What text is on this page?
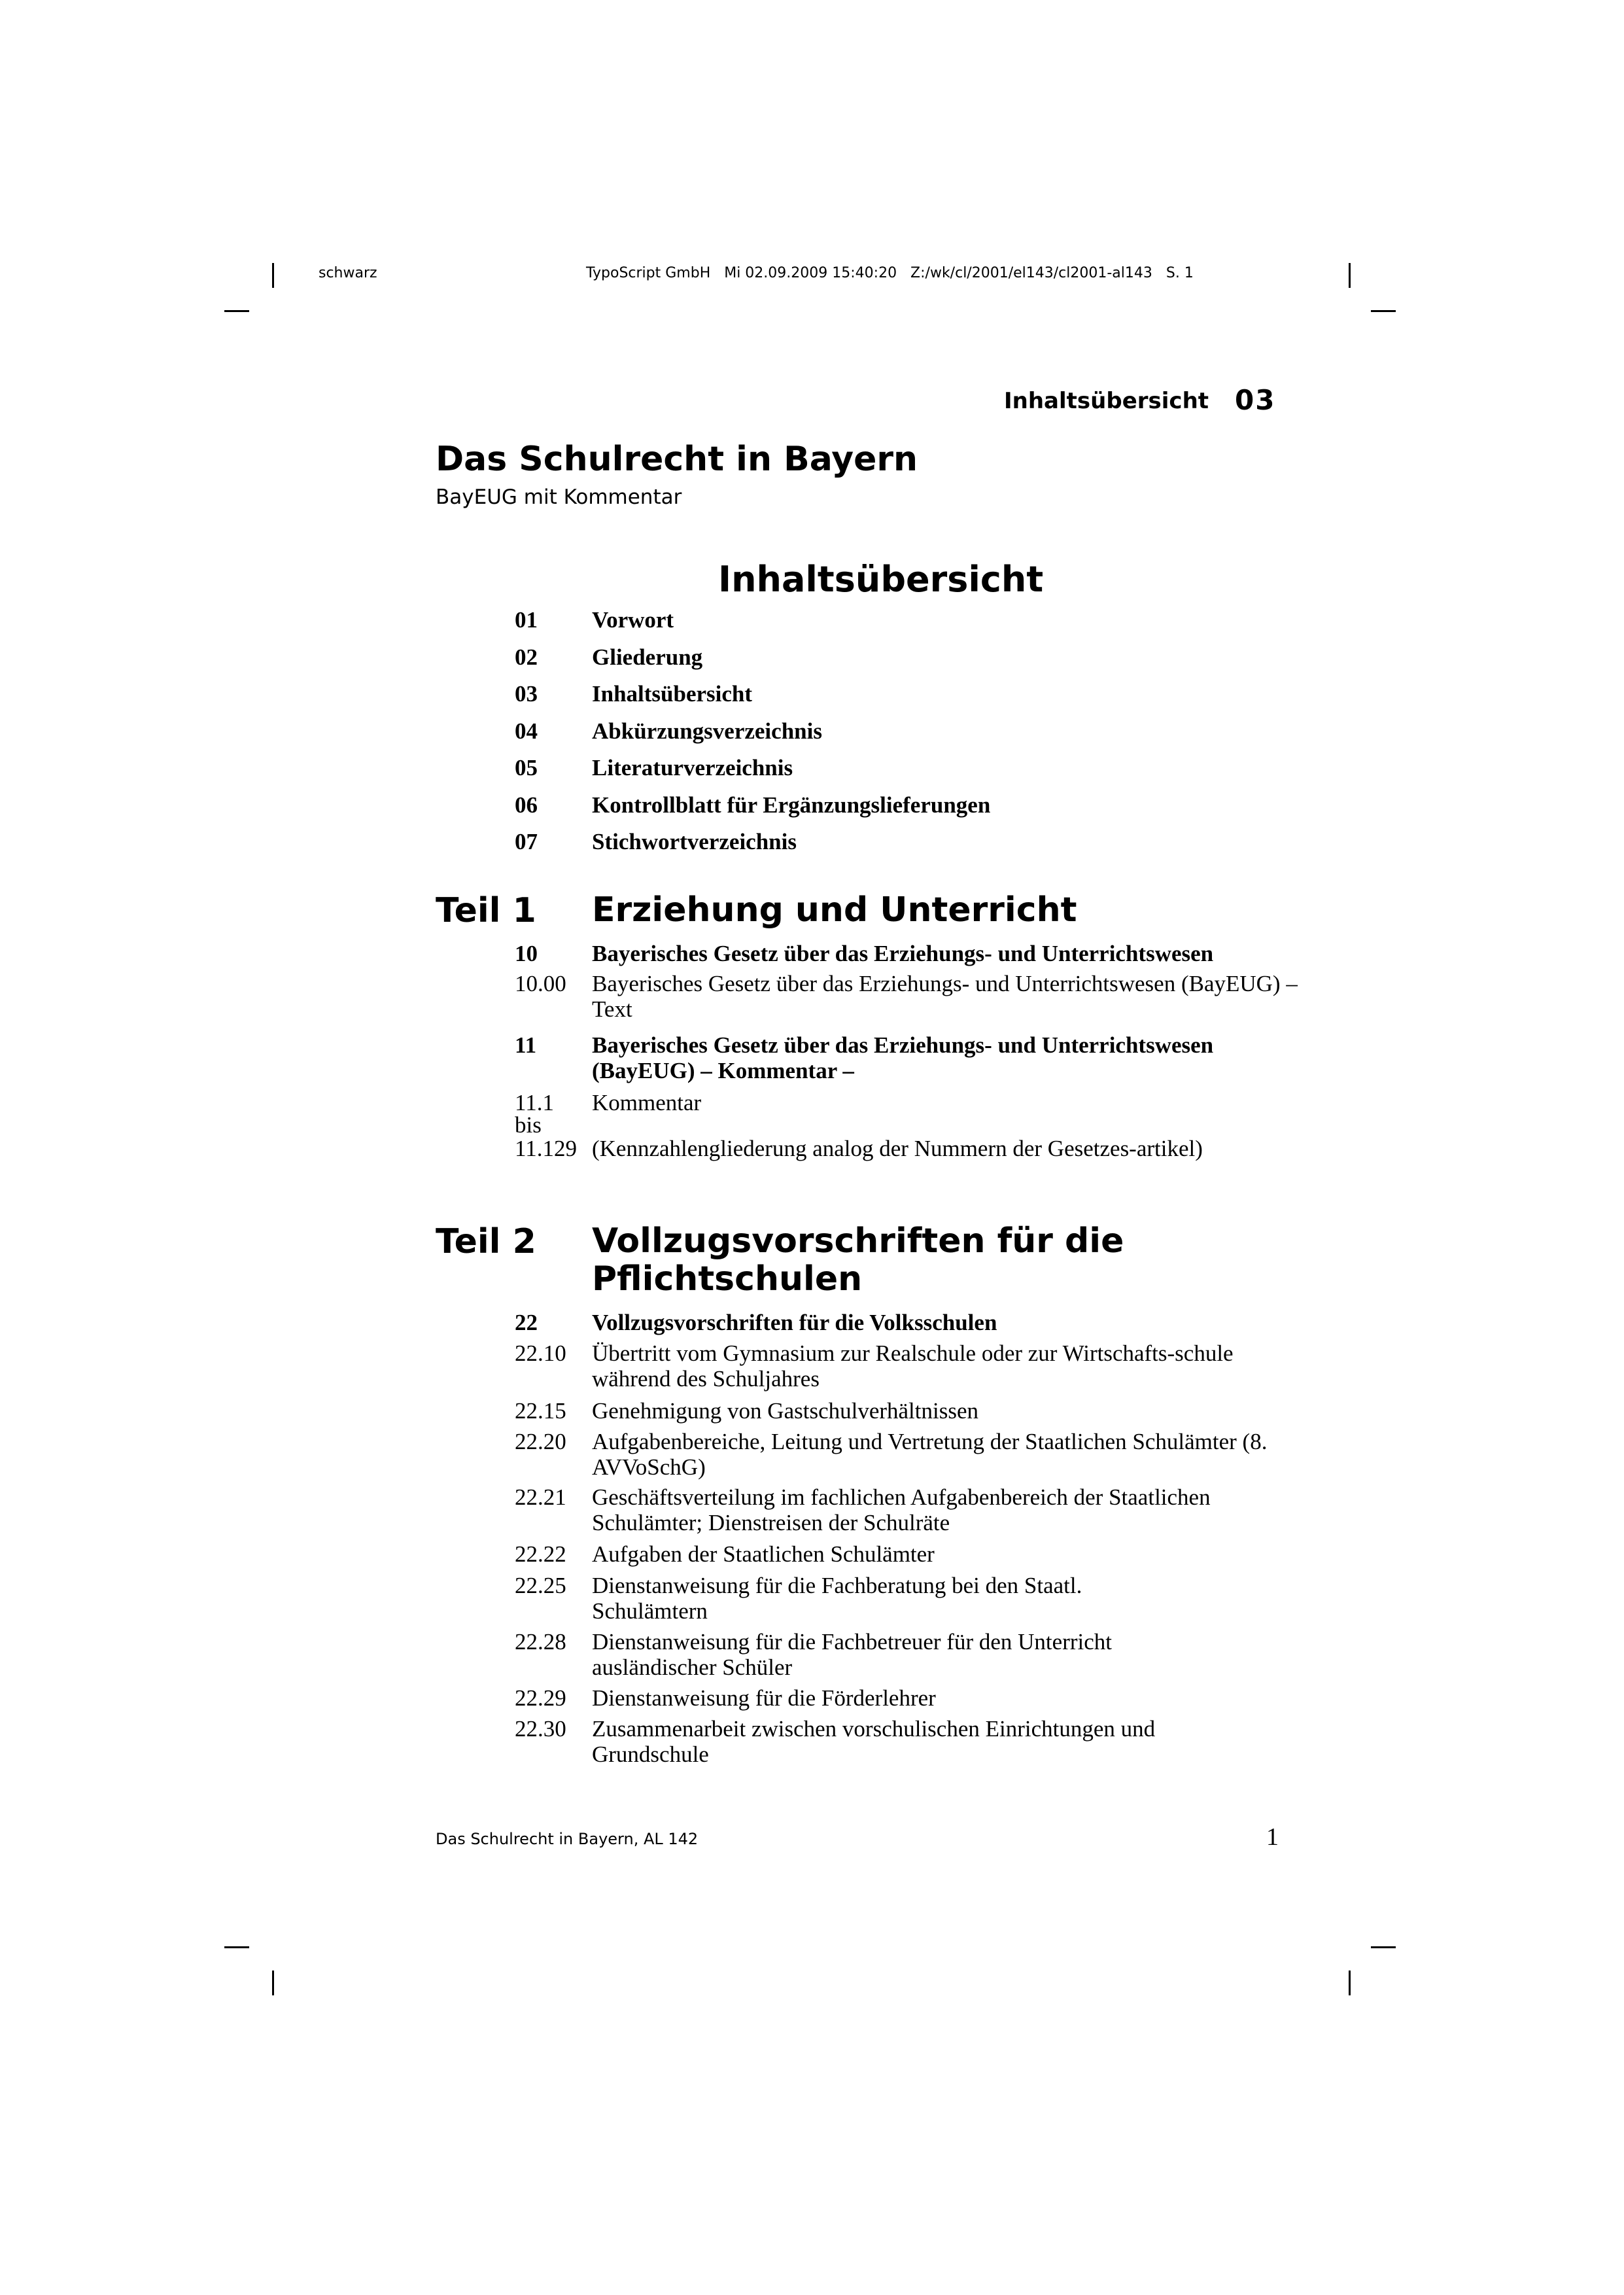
schwarz	TypoScript GmbH   Mi 02.09.2009 15:40:20   Z:/wk/cl/2001/el143/cl2001-al143   S. 1
Inhaltsübersicht 03
Das Schulrecht in Bayern
BayEUG mit Kommentar
Inhaltsübersicht
01	Vorwort
02	Gliederung
03	Inhaltsübersicht
04	Abkürzungsverzeichnis
05	Literaturverzeichnis
06	Kontrollblatt für Ergänzungslieferungen
07	Stichwortverzeichnis
Teil 1 Erziehung und Unterricht
10	Bayerisches Gesetz über das Erziehungs- und Unterrichtswesen
10.00	Bayerisches Gesetz über das Erziehungs- und Unterrichtswesen (BayEUG) – Text
11	Bayerisches Gesetz über das Erziehungs- und Unterrichtswesen (BayEUG) – Kommentar –
11.1	Kommentar
bis
11.129 (Kennzahlengliederung analog der Nummern der Gesetzes-artikel)
Teil 2 Vollzugsvorschriften für die Pflichtschulen
22	Vollzugsvorschriften für die Volksschulen
22.10	Übertritt vom Gymnasium zur Realschule oder zur Wirtschafts-schule während des Schuljahres
22.15	Genehmigung von Gastschulverhältnissen
22.20	Aufgabenbereiche, Leitung und Vertretung der Staatlichen Schulämter (8. AVVoSchG)
22.21	Geschäftsverteilung im fachlichen Aufgabenbereich der Staatlichen Schulämter; Dienstreisen der Schulräte
22.22	Aufgaben der Staatlichen Schulämter
22.25	Dienstanweisung für die Fachberatung bei den Staatl. Schulämtern
22.28	Dienstanweisung für die Fachbetreuer für den Unterricht ausländischer Schüler
22.29	Dienstanweisung für die Förderlehrer
22.30	Zusammenarbeit zwischen vorschulischen Einrichtungen und Grundschule
Das Schulrecht in Bayern, AL 142	1
